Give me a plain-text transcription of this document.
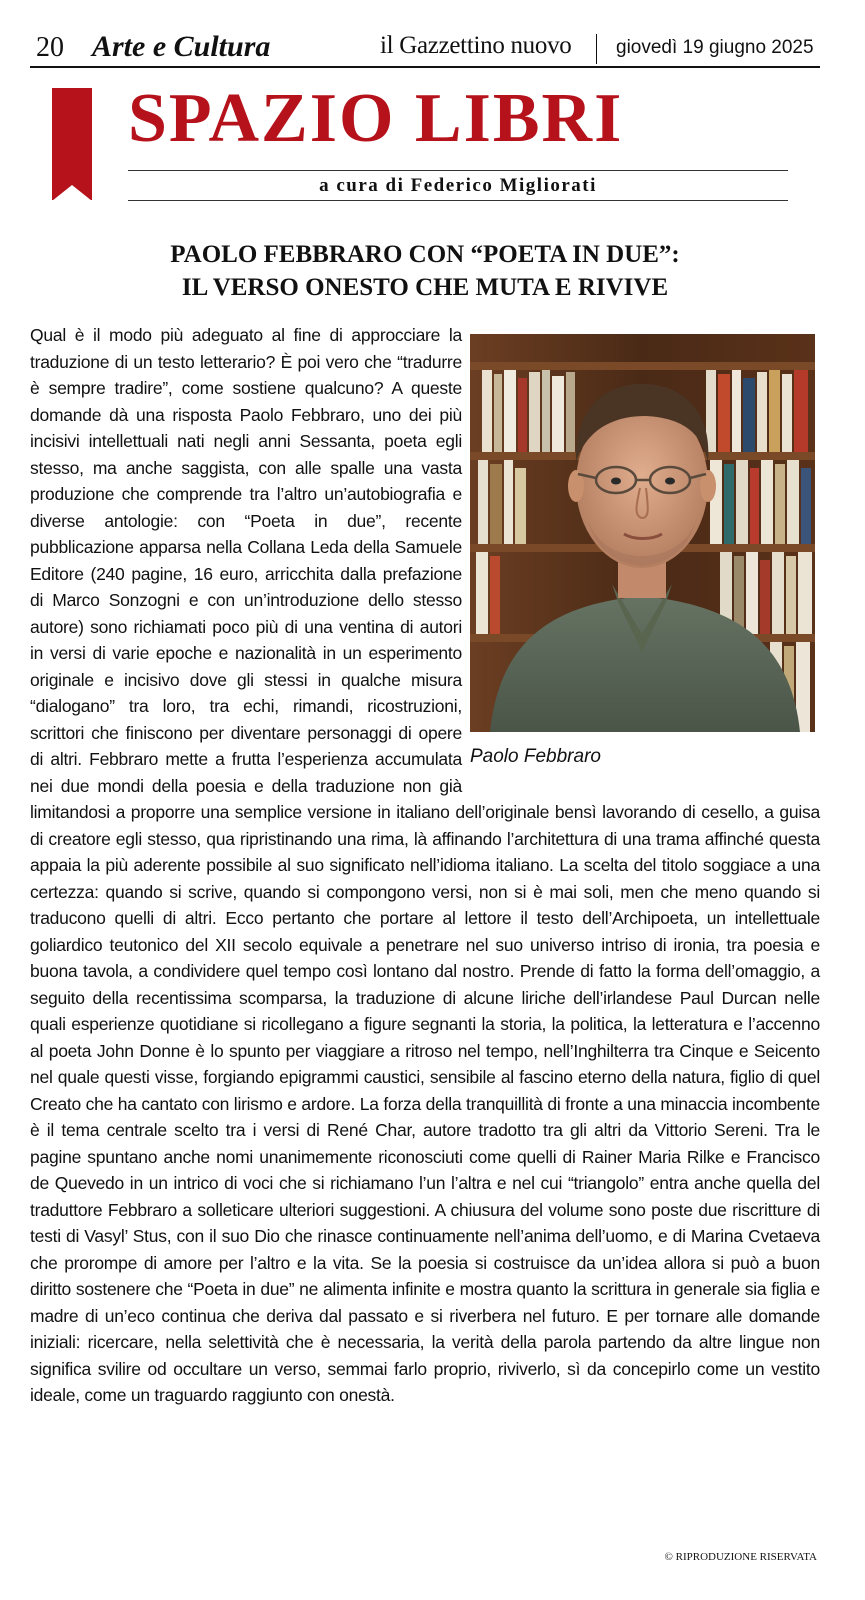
20 Arte e Cultura	il Gazzettino nuovo giovedì 19 giugno 2025
SPAZIO LIBRI
a cura di Federico Migliorati
PAOLO FEBBRARO CON “POETA IN DUE”:
IL VERSO ONESTO CHE MUTA E RIVIVE
Paolo Febbraro

Qual è il modo più adeguato al fine di approcciare la traduzione di un testo letterario? È poi vero che “tradurre è sempre tradire”, come sostiene qualcuno? A queste domande dà una risposta Paolo Febbraro, uno dei più incisivi intellettuali nati negli anni Sessanta, poeta egli stesso, ma anche saggista, con alle spalle una vasta produzione che comprende tra l’altro un’autobiografia e diverse antologie: con “Poeta in due”, recente pubblicazione apparsa nella Collana Leda della Samuele Editore (240 pagine, 16 euro, arricchita dalla prefazione di Marco Sonzogni e con un’introduzione dello stesso autore) sono richiamati poco più di una ventina di autori in versi di varie epoche e nazionalità in un esperimento originale e incisivo dove gli stessi in qualche misura “dialogano” tra loro, tra echi, rimandi, ricostruzioni, scrittori che finiscono per diventare personaggi di opere di altri. Febbraro mette a frutta l’esperienza accumulata nei due mondi della poesia e della traduzione non già limitandosi a proporre una semplice versione in italiano dell’originale bensì lavorando di cesello, a guisa di creatore egli stesso, qua ripristinando una rima, là affinando l’architettura di una trama affinché questa appaia la più aderente possibile al suo significato nell’idioma italiano. La scelta del titolo soggiace a una certezza: quando si scrive, quando si compongono versi, non si è mai soli, men che meno quando si traducono quelli di altri. Ecco pertanto che portare al lettore il testo dell’Archipoeta, un intellettuale goliardico teutonico del XII secolo equivale a penetrare nel suo universo intriso di ironia, tra poesia e buona tavola, a condividere quel tempo così lontano dal nostro. Prende di fatto la forma dell’omaggio, a seguito della recentissima scomparsa, la traduzione di alcune liriche dell’irlandese Paul Durcan nelle quali esperienze quotidiane si ricollegano a figure segnanti la storia, la politica, la letteratura e l’accenno al poeta John Donne è lo spunto per viaggiare a ritroso nel tempo, nell’Inghilterra tra Cinque e Seicento nel quale questi visse, forgiando epigrammi caustici, sensibile al fascino eterno della natura, figlio di quel Creato che ha cantato con lirismo e ardore. La forza della tranquillità di fronte a una minaccia incombente è il tema centrale scelto tra i versi di René Char, autore tradotto tra gli altri da Vittorio Sereni. Tra le pagine spuntano anche nomi unanimemente riconosciuti come quelli di Rainer Maria Rilke e Francisco de Quevedo in un intrico di voci che si richiamano l’un l’altra e nel cui “triangolo” entra anche quella del traduttore Febbraro a solleticare ulteriori suggestioni. A chiusura del volume sono poste due riscritture di testi di Vasyl’ Stus, con il suo Dio che rinasce continuamente nell’anima dell’uomo, e di Marina Cvetaeva che prorompe di amore per l’altro e la vita. Se la poesia si costruisce da un’idea allora si può a buon diritto sostenere che “Poeta in due” ne alimenta infinite e mostra quanto la scrittura in generale sia figlia e madre di un’eco continua che deriva dal passato e si riverbera nel futuro. E per tornare alle domande iniziali: ricercare, nella selettività che è necessaria, la verità della parola partendo da altre lingue non significa svilire od occultare un verso, semmai farlo proprio, riviverlo, sì da concepirlo come un vestito ideale, come un traguardo raggiunto con onestà.

© RIPRODUZIONE RISERVATA
